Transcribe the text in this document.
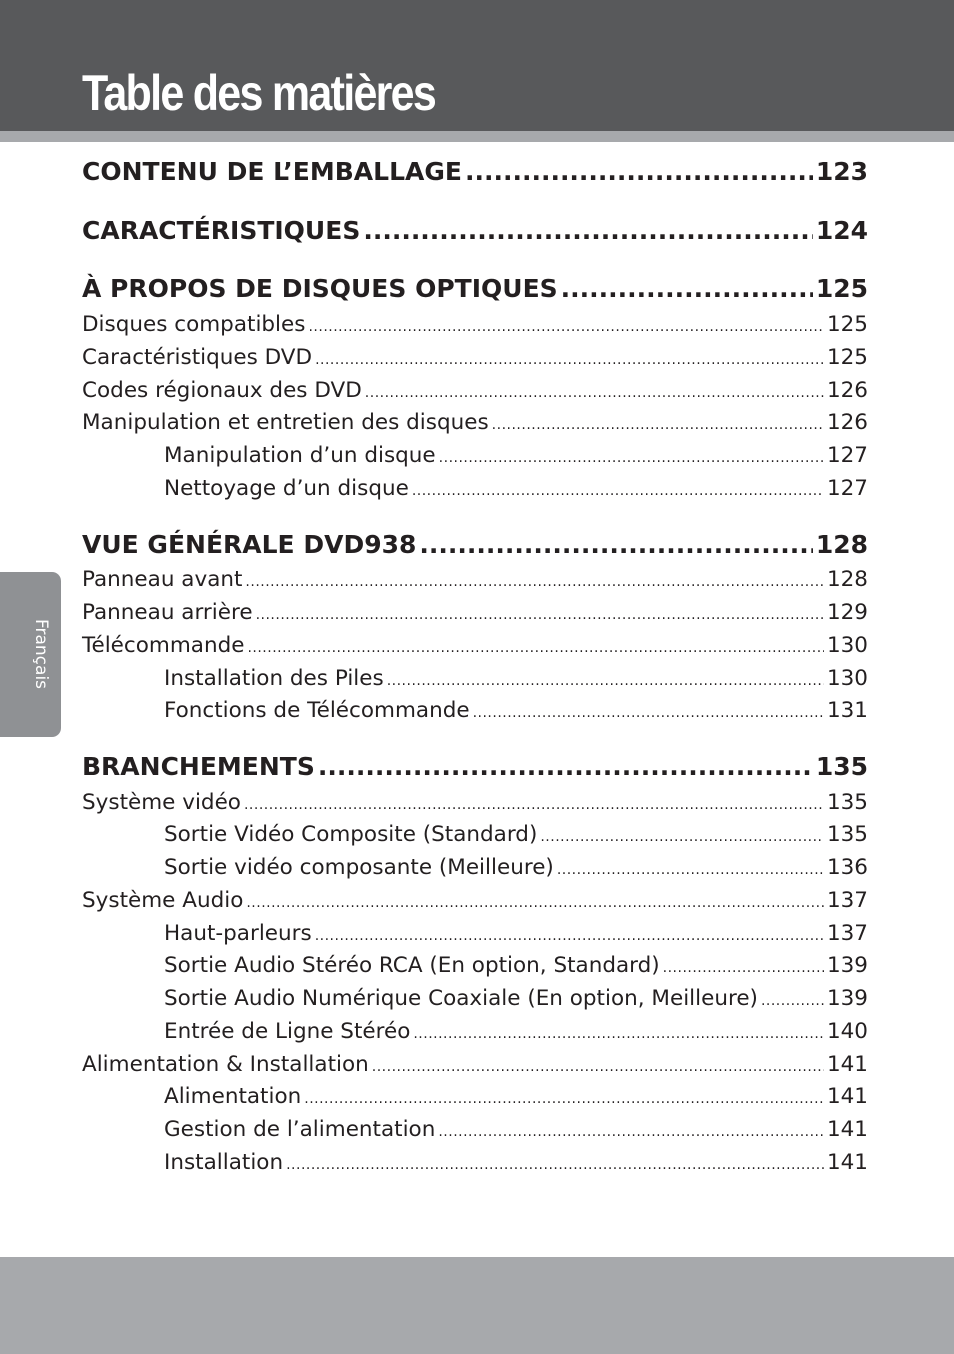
Table des matières
Français
CONTENU DE L’EMBALLAGE .....	123
CARACTÉRISTIQUES .....	124
À PROPOS DE DISQUES OPTIQUES .....	125
Disques compatibles .....	125
Caractéristiques DVD .....	125
Codes régionaux des DVD .....	126
Manipulation et entretien des disques .....	126
Manipulation d’un disque .....	127
Nettoyage d’un disque .....	127
VUE GÉNÉRALE DVD938 .....	128
Panneau avant .....	128
Panneau arrière .....	129
Télécommande .....	130
Installation des Piles .....	130
Fonctions de Télécommande .....	131
BRANCHEMENTS .....	135
Système vidéo .....	135
Sortie Vidéo Composite (Standard) .....	135
Sortie vidéo composante (Meilleure) .....	136
Système Audio .....	137
Haut-parleurs .....	137
Sortie Audio Stéréo RCA (En option, Standard) .....	139
Sortie Audio Numérique Coaxiale (En option, Meilleure) .....	139
Entrée de Ligne Stéréo .....	140
Alimentation & Installation .....	141
Alimentation .....	141
Gestion de l’alimentation .....	141
Installation .....	141
